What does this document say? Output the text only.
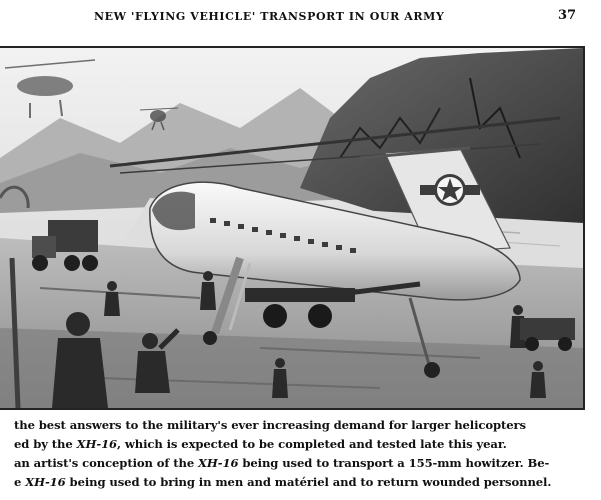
NEW 'FLYING VEHICLE' TRANSPORT IN OUR ARMY	37
the best answers to the military's ever increasing demand for larger helicopters
ed by the XH-16, which is expected to be completed and tested late this year.
an artist's conception of the XH-16 being used to transport a 155-mm howitzer. Be-
e XH-16 being used to bring in men and matériel and to return wounded personnel.
